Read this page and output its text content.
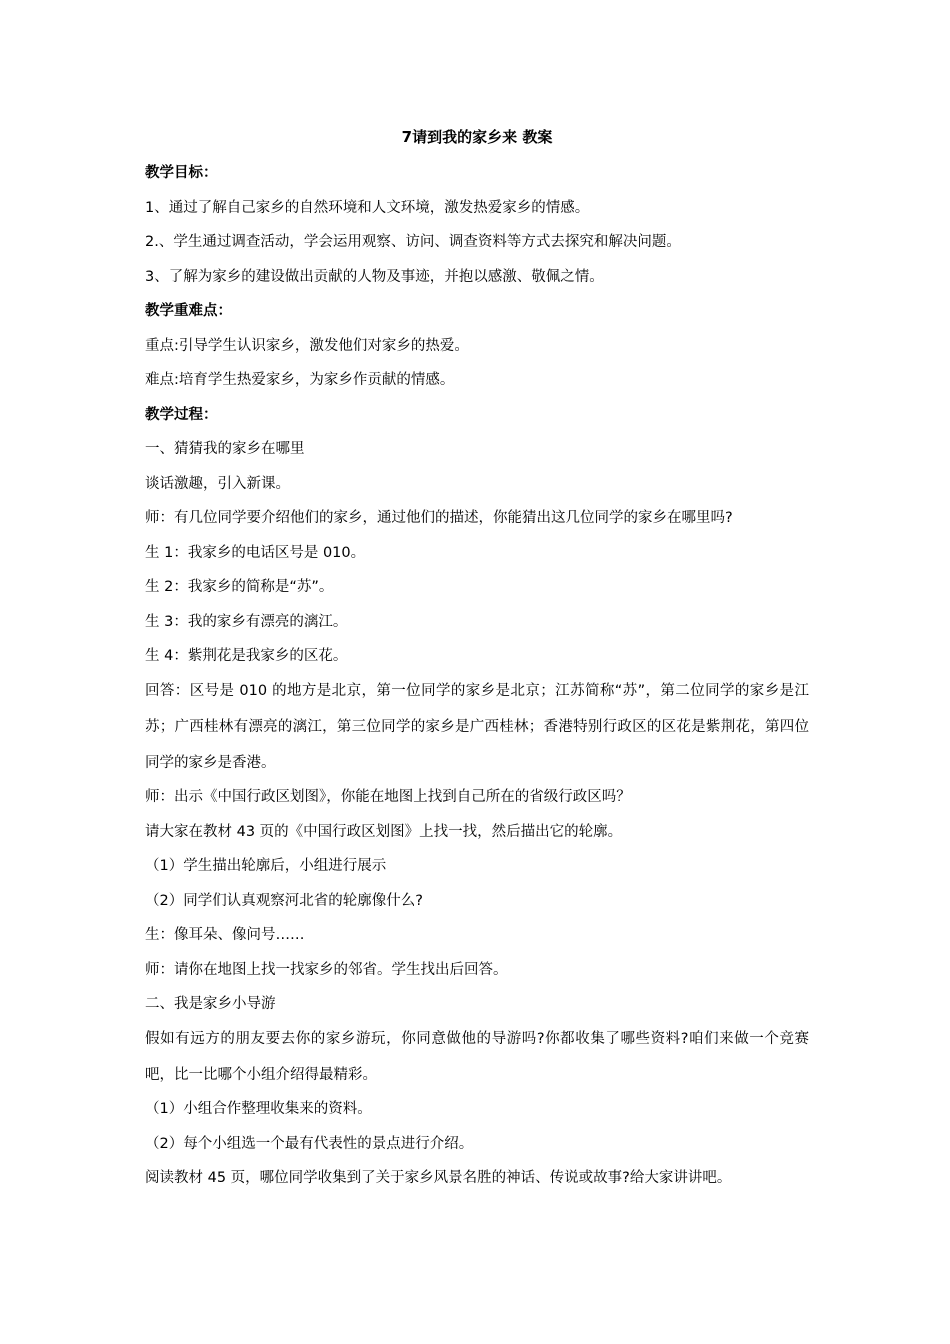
7请到我的家乡来 教案
教学目标：
1、通过了解自己家乡的自然环境和人文环境，激发热爱家乡的情感。
2.、学生通过调查活动，学会运用观察、访问、调查资料等方式去探究和解决问题。
3、了解为家乡的建设做出贡献的人物及事迹，并抱以感激、敬佩之情。
教学重难点：
重点:引导学生认识家乡，激发他们对家乡的热爱。
难点:培育学生热爱家乡，为家乡作贡献的情感。
教学过程：
一、猜猜我的家乡在哪里
谈话激趣，引入新课。
师：有几位同学要介绍他们的家乡，通过他们的描述，你能猜出这几位同学的家乡在哪里吗?
生 1：我家乡的电话区号是 010。
生 2：我家乡的简称是“苏”。
生 3：我的家乡有漂亮的漓江。
生 4：紫荆花是我家乡的区花。
回答：区号是 010 的地方是北京，第一位同学的家乡是北京；江苏简称“苏”，第二位同学的家乡是江苏；广西桂林有漂亮的漓江，第三位同学的家乡是广西桂林；香港特别行政区的区花是紫荆花，第四位同学的家乡是香港。
师：出示《中国行政区划图》，你能在地图上找到自己所在的省级行政区吗？
请大家在教材 43 页的《中国行政区划图》上找一找，然后描出它的轮廓。
（1）学生描出轮廓后，小组进行展示
（2）同学们认真观察河北省的轮廓像什么?
生：像耳朵、像问号……
师：请你在地图上找一找家乡的邻省。学生找出后回答。
二、我是家乡小导游
假如有远方的朋友要去你的家乡游玩，你同意做他的导游吗?你都收集了哪些资料?咱们来做一个竞赛吧，比一比哪个小组介绍得最精彩。
（1）小组合作整理收集来的资料。
（2）每个小组选一个最有代表性的景点进行介绍。
阅读教材 45 页，哪位同学收集到了关于家乡风景名胜的神话、传说或故事?给大家讲讲吧。
